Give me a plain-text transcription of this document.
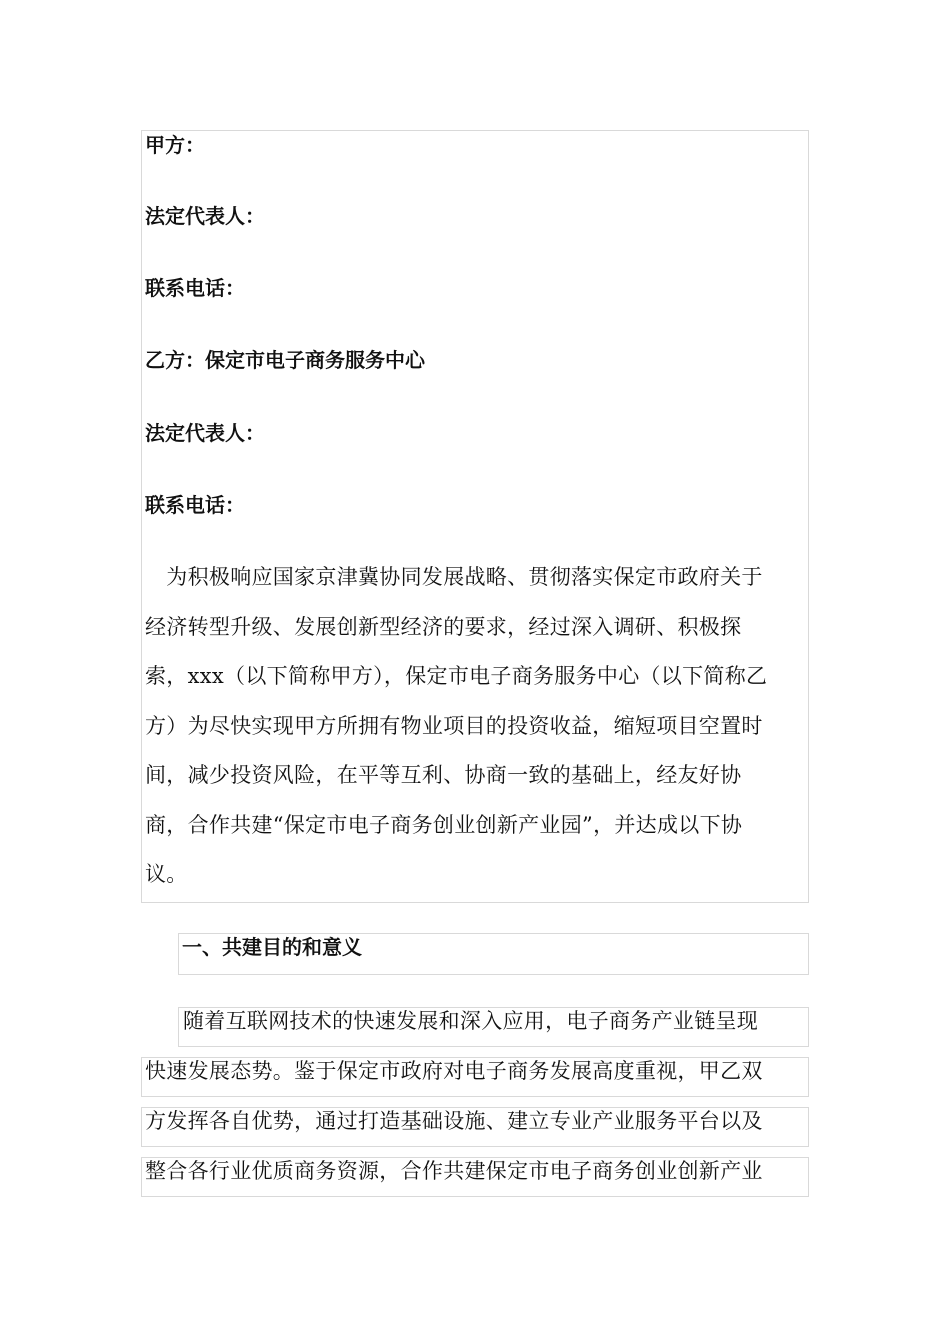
甲方：
法定代表人：
联系电话：
乙方：保定市电子商务服务中心
法定代表人：
联系电话：
　为积极响应国家京津冀协同发展战略、贯彻落实保定市政府关于
经济转型升级、发展创新型经济的要求，经过深入调研、积极探
索，xxx（以下简称甲方），保定市电子商务服务中心（以下简称乙
方）为尽快实现甲方所拥有物业项目的投资收益，缩短项目空置时
间，减少投资风险，在平等互利、协商一致的基础上，经友好协
商，合作共建“保定市电子商务创业创新产业园”，并达成以下协
议。
一、共建目的和意义
随着互联网技术的快速发展和深入应用，电子商务产业链呈现
快速发展态势。鉴于保定市政府对电子商务发展高度重视，甲乙双
方发挥各自优势，通过打造基础设施、建立专业产业服务平台以及
整合各行业优质商务资源，合作共建保定市电子商务创业创新产业
